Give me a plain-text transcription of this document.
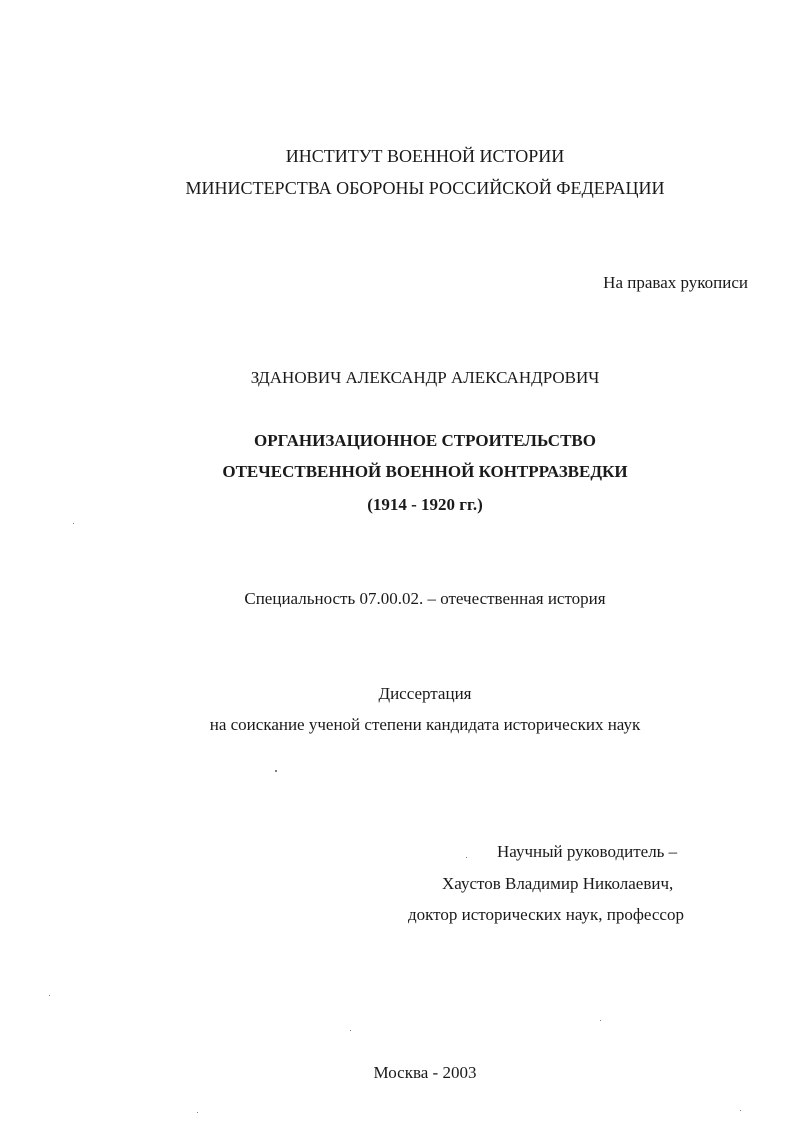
ИНСТИТУТ ВОЕННОЙ ИСТОРИИ
МИНИСТЕРСТВА ОБОРОНЫ РОССИЙСКОЙ ФЕДЕРАЦИИ
На правах рукописи
ЗДАНОВИЧ АЛЕКСАНДР АЛЕКСАНДРОВИЧ
ОРГАНИЗАЦИОННОЕ СТРОИТЕЛЬСТВО
ОТЕЧЕСТВЕННОЙ ВОЕННОЙ КОНТРРАЗВЕДКИ
(1914 - 1920 гг.)
Специальность 07.00.02. – отечественная история
Диссертация
на соискание ученой степени кандидата исторических наук
Научный руководитель –
Хаустов Владимир Николаевич,
доктор исторических наук, профессор
Москва - 2003
